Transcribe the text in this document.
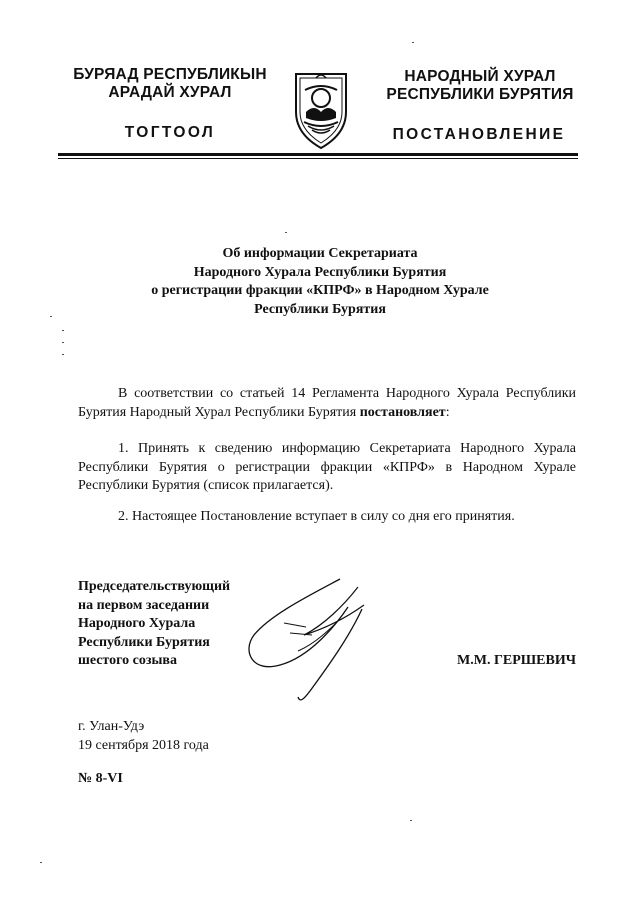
БУРЯАД РЕСПУБЛИКЫН
АРАДАЙ ХУРАЛ
ТОГТООЛ
НАРОДНЫЙ ХУРАЛ
РЕСПУБЛИКИ БУРЯТИЯ
ПОСТАНОВЛЕНИЕ
Об информации Секретариата
Народного Хурала Республики Бурятия
о регистрации фракции «КПРФ» в Народном Хурале
Республики Бурятия
В соответствии со статьей 14 Регламента Народного Хурала Республики Бурятия Народный Хурал Республики Бурятия постановляет:
1. Принять к сведению информацию Секретариата Народного Хурала Республики Бурятия о регистрации фракции «КПРФ» в Народном Хурале Республики Бурятия (список прилагается).
2. Настоящее Постановление вступает в силу со дня его принятия.
Председательствующий
на первом заседании
Народного Хурала
Республики Бурятия
шестого созыва	М.М. ГЕРШЕВИЧ
г. Улан-Удэ
19 сентября 2018 года
№ 8-VI
